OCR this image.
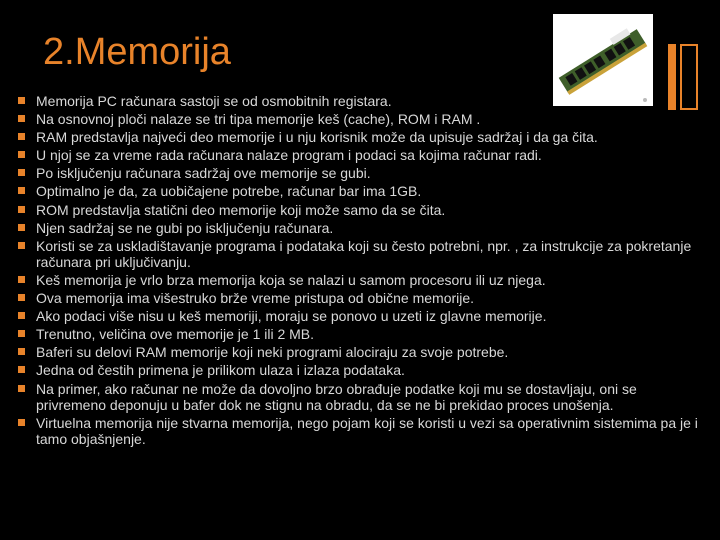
2.Memorija
Memorija PC računara sastoji se od osmobitnih registara.
Na osnovnoj ploči nalaze se tri tipa memorije keš (cache), ROM i RAM .
RAM predstavlja najveći deo memorije i u nju korisnik može da upisuje sadržaj i da ga čita.
U njoj se za vreme rada računara nalaze program i podaci sa kojima računar radi.
Po isključenju računara sadržaj ove memorije se gubi.
Optimalno je da, za uobičajene potrebe, računar bar ima 1GB.
ROM predstavlja statični deo memorije koji može samo da se čita.
Njen sadržaj se ne gubi po isključenju računara.
Koristi se za uskladištavanje programa i podataka koji su često potrebni, npr. , za instrukcije za pokretanje računara pri uključivanju.
Keš memorija je vrlo brza memorija koja se nalazi u samom procesoru ili uz njega.
Ova memorija ima višestruko brže vreme pristupa od obične memorije.
Ako podaci više nisu u keš memoriji, moraju se ponovo u uzeti iz glavne memorije.
Trenutno, veličina ove memorije je 1 ili 2 MB.
Baferi su delovi RAM memorije koji neki programi alociraju za svoje potrebe.
Jedna od čestih primena je prilikom ulaza i izlaza podataka.
Na primer, ako računar ne može da dovoljno brzo obrađuje podatke koji mu se dostavljaju, oni se privremeno deponuju u bafer dok ne stignu na obradu, da se ne bi prekidao proces unošenja.
Virtuelna memorija nije stvarna memorija, nego pojam koji se koristi u vezi sa operativnim sistemima pa je i tamo objašnjenje.
